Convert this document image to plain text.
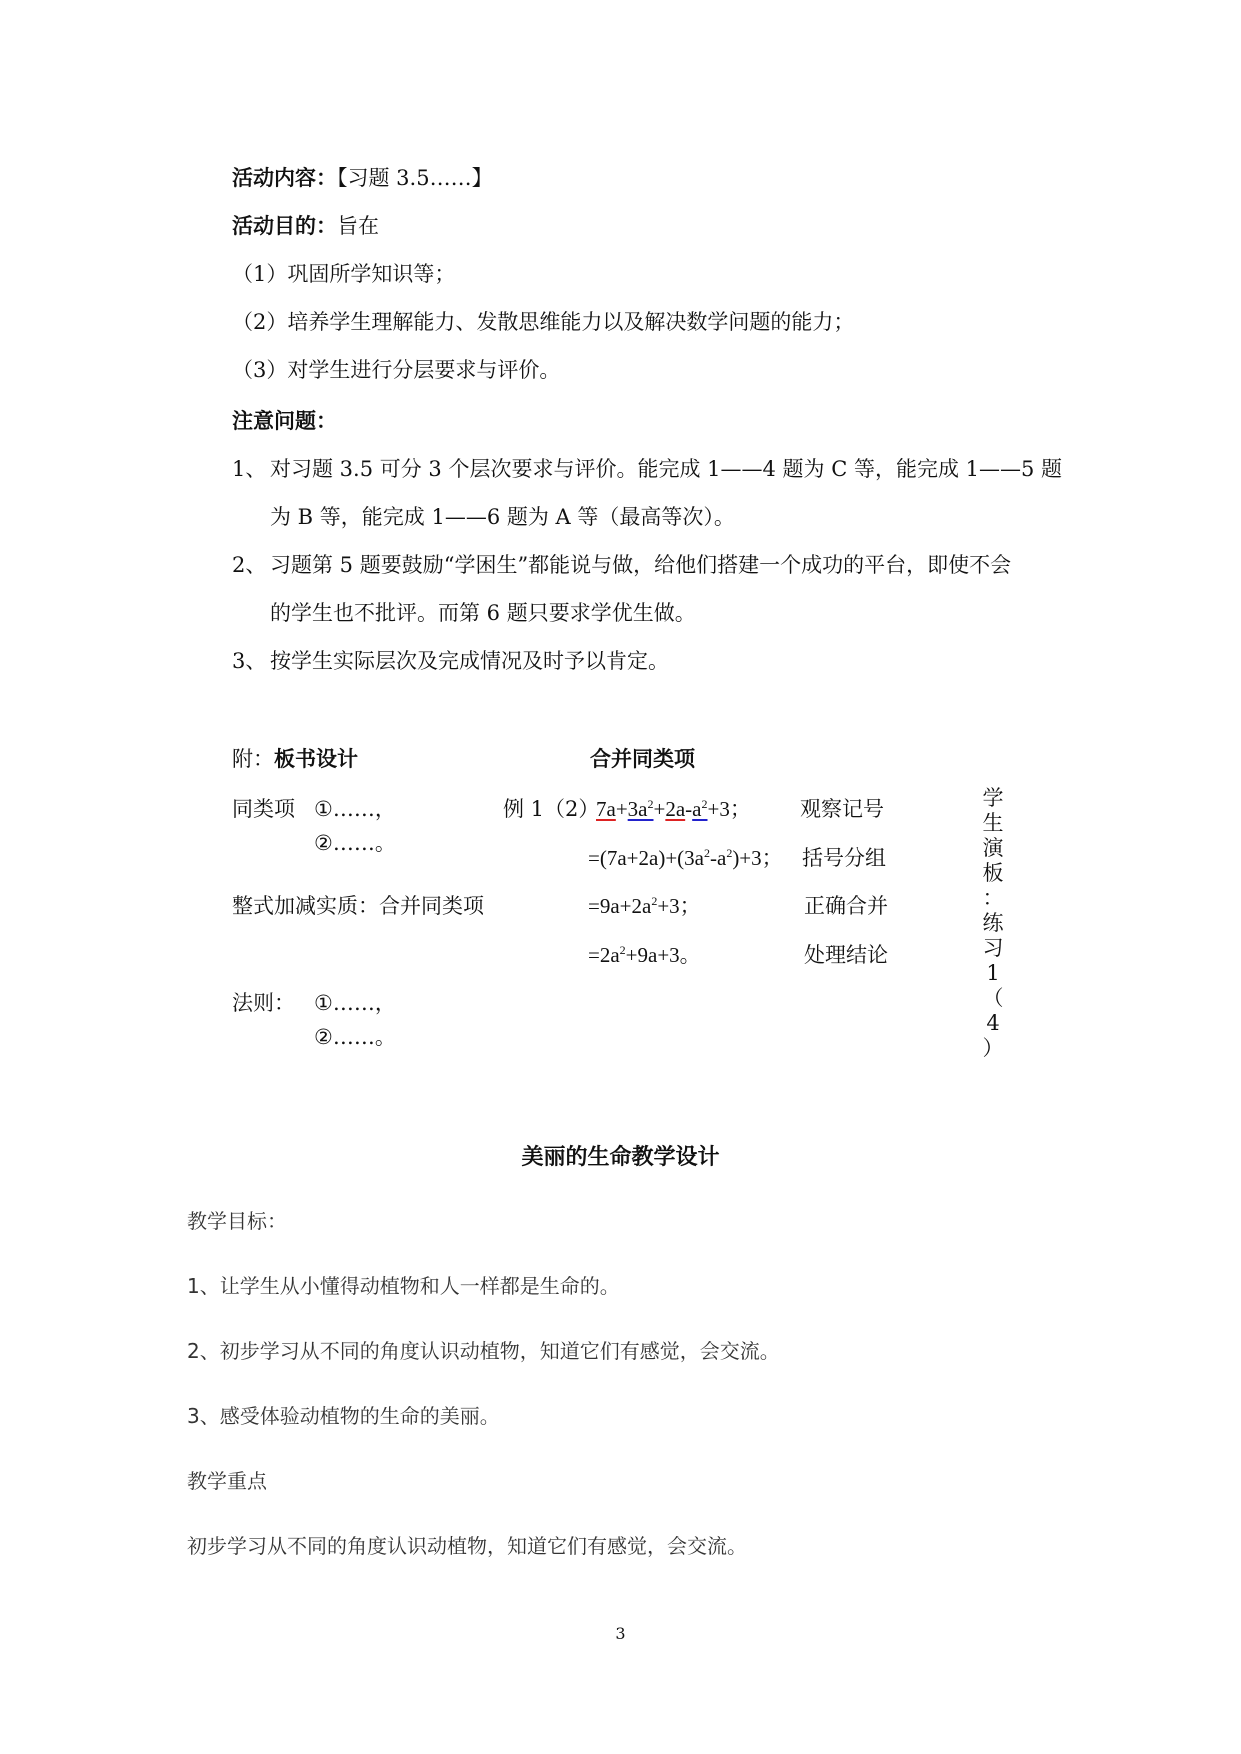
活动内容：【习题 3.5……】
活动目的：旨在
（1）巩固所学知识等；
（2）培养学生理解能力、发散思维能力以及解决数学问题的能力；
（3）对学生进行分层要求与评价。
注意问题：
1、 对习题 3.5 可分 3 个层次要求与评价。能完成 1——4 题为 C 等，能完成 1——5 题
为 B 等，能完成 1——6 题为 A 等（最高等次）。
2、 习题第 5 题要鼓励“学困生”都能说与做，给他们搭建一个成功的平台，即使不会
的学生也不批评。而第 6 题只要求学优生做。
3、 按学生实际层次及完成情况及时予以肯定。
附：板书设计	合并同类项
同类项 ①……，
②……。
整式加减实质：合并同类项
法则： ①……，
②……。
例 1（2）
$7a+3a^2+2a-a^2+3$；
$=(7a+2a)+(3a^2-a^2)+3$；
$=9a+2a^2+3$；
$=2a^2+9a+3$。
观察记号
括号分组
正确合并
处理结论
学
生
演
板
：
练
习
1
（
4
）
美丽的生命教学设计
教学目标：
1、让学生从小懂得动植物和人一样都是生命的。
2、初步学习从不同的角度认识动植物，知道它们有感觉，会交流。
3、感受体验动植物的生命的美丽。
教学重点
初步学习从不同的角度认识动植物，知道它们有感觉，会交流。
3
